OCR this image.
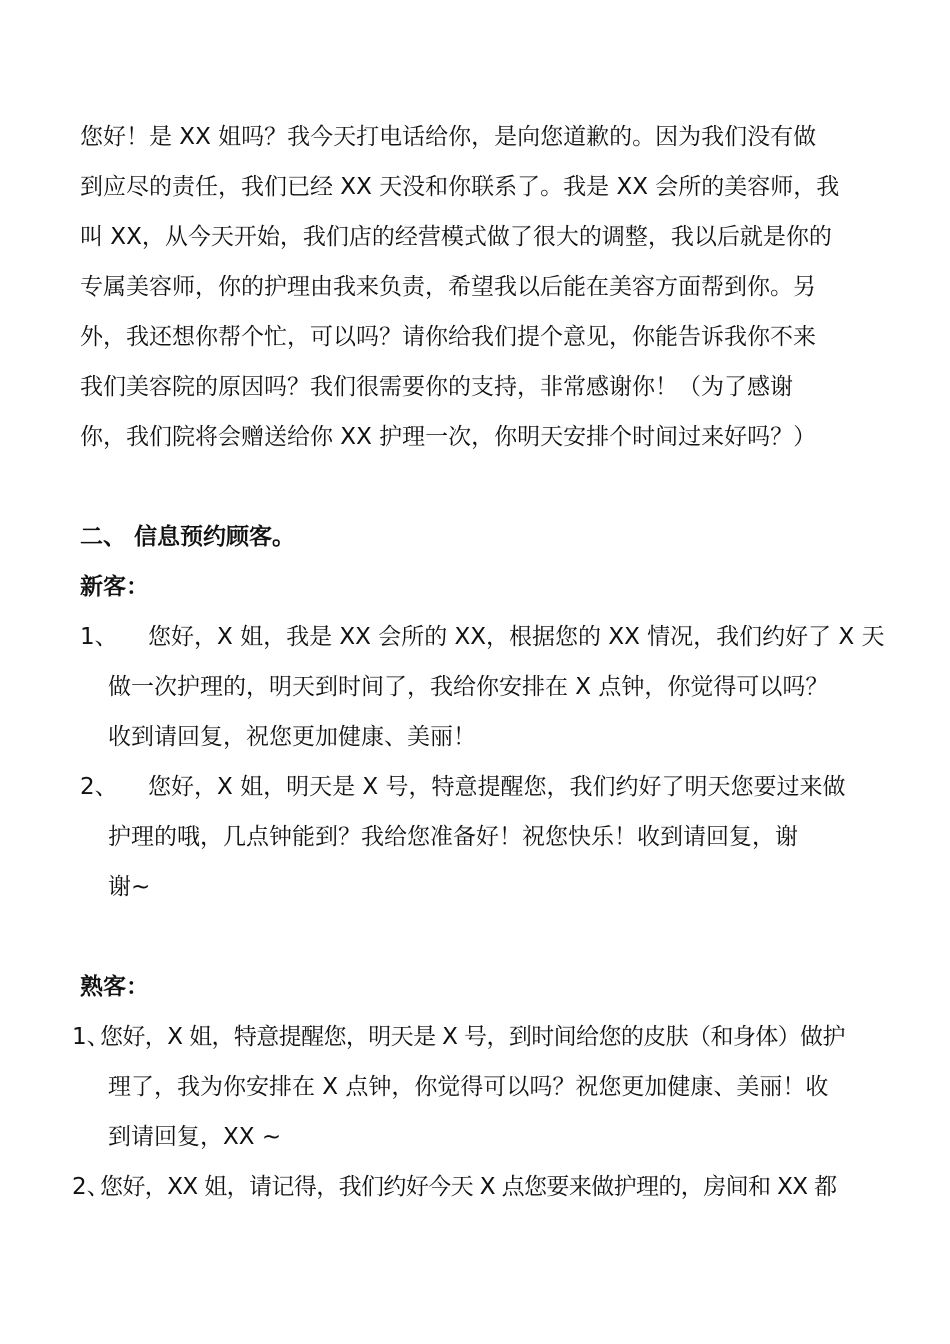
您好！是 XX 姐吗？我今天打电话给你，是向您道歉的。因为我们没有做
到应尽的责任，我们已经 XX 天没和你联系了。我是 XX 会所的美容师，我
叫 XX，从今天开始，我们店的经营模式做了很大的调整，我以后就是你的
专属美容师，你的护理由我来负责，希望我以后能在美容方面帮到你。另
外，我还想你帮个忙，可以吗？请你给我们提个意见，你能告诉我你不来
我们美容院的原因吗？我们很需要你的支持，非常感谢你！（为了感谢
你，我们院将会赠送给你 XX 护理一次，你明天安排个时间过来好吗？）
二、 信息预约顾客。
新客：
1、 您好，X 姐，我是 XX 会所的 XX，根据您的 XX 情况，我们约好了 X 天
做一次护理的，明天到时间了，我给你安排在 X 点钟，你觉得可以吗？
收到请回复，祝您更加健康、美丽！
2、 您好，X 姐，明天是 X 号，特意提醒您，我们约好了明天您要过来做
护理的哦，几点钟能到？我给您准备好！祝您快乐！收到请回复，谢
谢~
熟客：
1、
您好，X 姐，特意提醒您，明天是 X 号，到时间给您的皮肤（和身体）做护
理了，我为你安排在 X 点钟，你觉得可以吗？祝您更加健康、美丽！收
到请回复，XX ~
2、
您好，XX 姐，请记得，我们约好今天 X 点您要来做护理的，房间和 XX 都
